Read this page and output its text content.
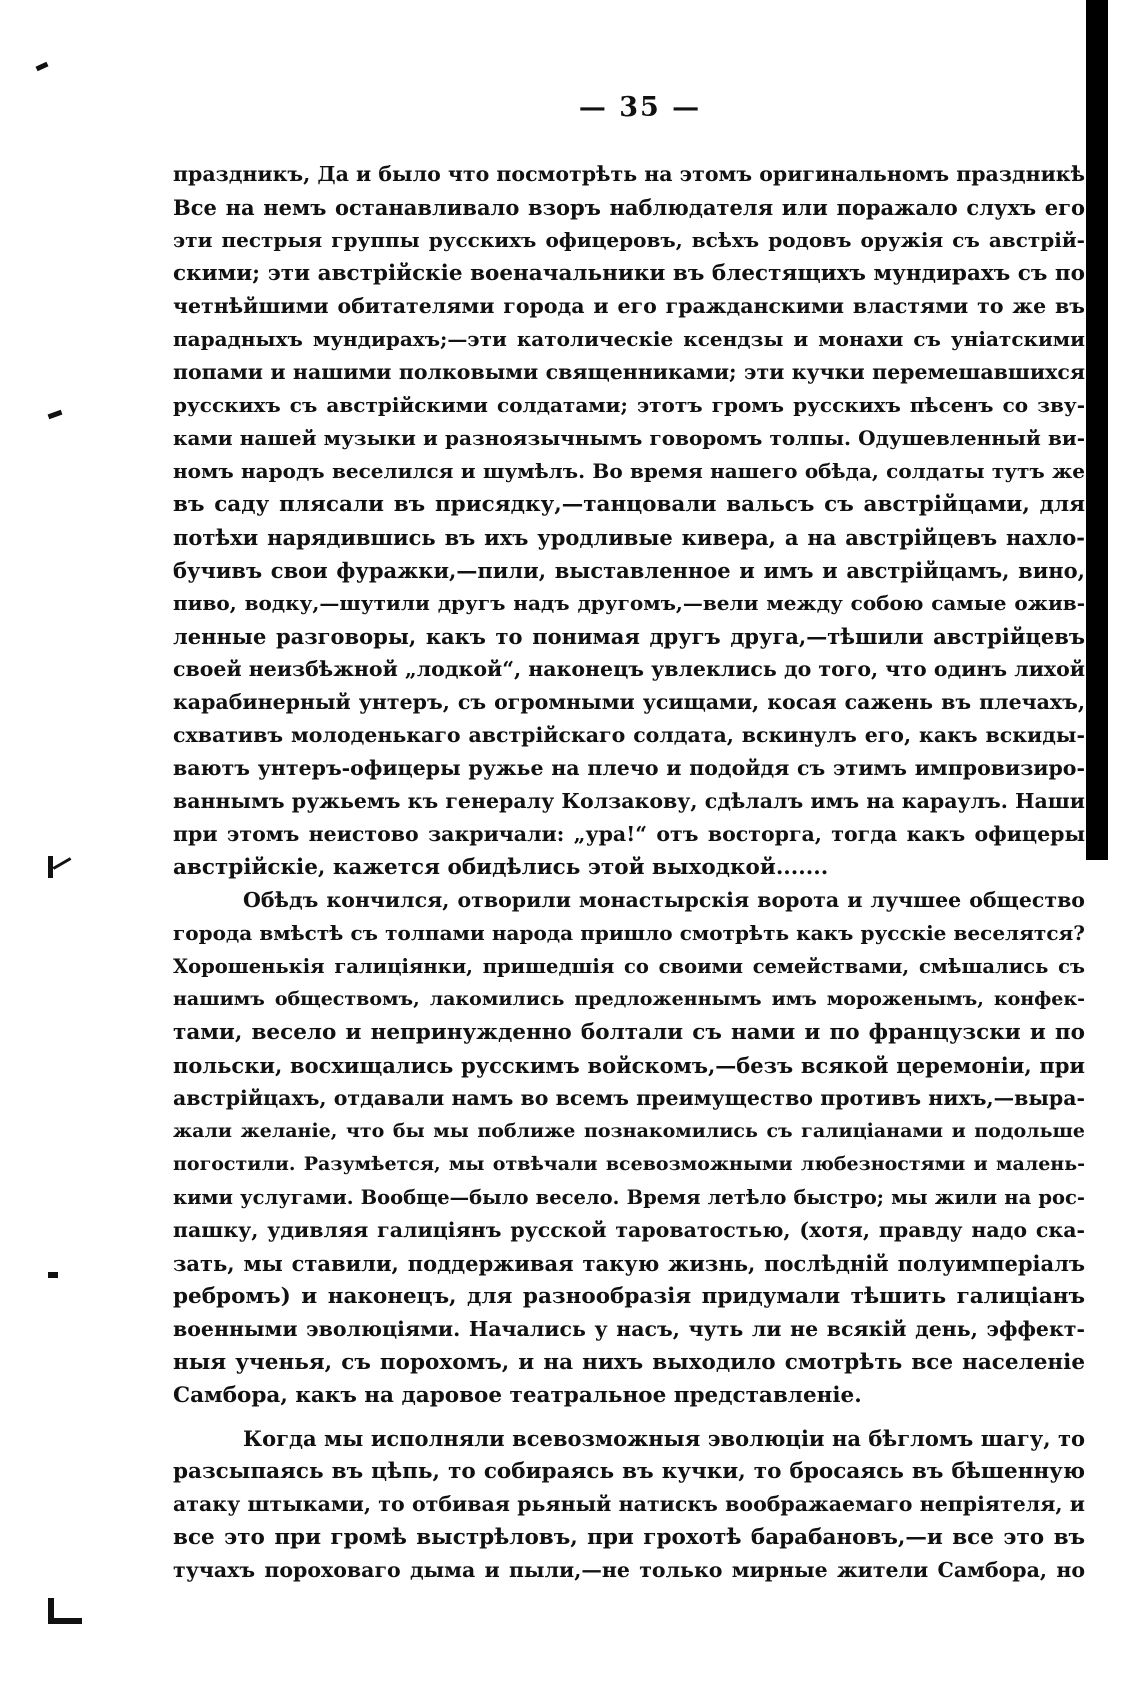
— 35 —
праздникъ, Да и было что посмотрѣть на этомъ оригинальномъ праздникѣ
Все на немъ останавливало взоръ наблюдателя или поражало слухъ его
эти пестрыя группы русскихъ офицеровъ, всѣхъ родовъ оружія съ австрій-
скими; эти австрійскіе военачальники въ блестящихъ мундирахъ съ по
четнѣйшими обитателями города и его гражданскими властями то же въ
парадныхъ мундирахъ;—эти католическіе ксендзы и монахи съ уніатскими
попами и нашими полковыми священниками; эти кучки перемешавшихся
русскихъ съ австрійскими солдатами; этотъ громъ русскихъ пѣсенъ со зву-
ками нашей музыки и разноязычнымъ говоромъ толпы. Одушевленный ви-
номъ народъ веселился и шумѣлъ. Во время нашего обѣда, солдаты тутъ же
въ саду плясали въ присядку,—танцовали вальсъ съ австрійцами, для
потѣхи нарядившись въ ихъ уродливые кивера, а на австрійцевъ нахло-
бучивъ свои фуражки,—пили, выставленное и имъ и австрійцамъ, вино,
пиво, водку,—шутили другъ надъ другомъ,—вели между собою самые ожив-
ленные разговоры, какъ то понимая другъ друга,—тѣшили австрійцевъ
своей неизбѣжной „лодкой“, наконецъ увлеклись до того, что одинъ лихой
карабинерный унтеръ, съ огромными усищами, косая сажень въ плечахъ,
схвативъ молоденькаго австрійскаго солдата, вскинулъ его, какъ вскиды-
ваютъ унтеръ-офицеры ружье на плечо и подойдя съ этимъ импровизиро-
ваннымъ ружьемъ къ генералу Колзакову, сдѣлалъ имъ на караулъ. Наши
при этомъ неистово закричали: „ура!“ отъ восторга, тогда какъ офицеры
австрійскіе, кажется обидѣлись этой выходкой.......
Обѣдъ кончился, отворили монастырскія ворота и лучшее общество
города вмѣстѣ съ толпами народа пришло смотрѣть какъ русскіе веселятся?
Хорошенькія галиціянки, пришедшія со своими семействами, смѣшались съ
нашимъ обществомъ, лакомились предложеннымъ имъ мороженымъ, конфек-
тами, весело и непринужденно болтали съ нами и по французски и по
польски, восхищались русскимъ войскомъ,—безъ всякой церемоніи, при
австрійцахъ, отдавали намъ во всемъ преимущество противъ нихъ,—выра-
жали желаніе, что бы мы поближе познакомились съ галиціанами и подольше
погостили. Разумѣется, мы отвѣчали всевозможными любезностями и малень-
кими услугами. Вообще—было весело. Время летѣло быстро; мы жили на рос-
пашку, удивляя галиціянъ русской тароватостью, (хотя, правду надо ска-
зать, мы ставили, поддерживая такую жизнь, послѣдній полуимперіалъ
ребромъ) и наконецъ, для разнообразія придумали тѣшить галиціанъ
военными эволюціями. Начались у насъ, чуть ли не всякій день, эффект-
ныя ученья, съ порохомъ, и на нихъ выходило смотрѣть все населеніе
Самбора, какъ на даровое театральное представленіе.
Когда мы исполняли всевозможныя эволюціи на бѣгломъ шагу, то
разсыпаясь въ цѣпь, то собираясь въ кучки, то бросаясь въ бѣшенную
атаку штыками, то отбивая рьяный натискъ воображаемаго непріятеля, и
все это при громѣ выстрѣловъ, при грохотѣ барабановъ,—и все это въ
тучахъ пороховаго дыма и пыли,—не только мирные жители Самбора, но
